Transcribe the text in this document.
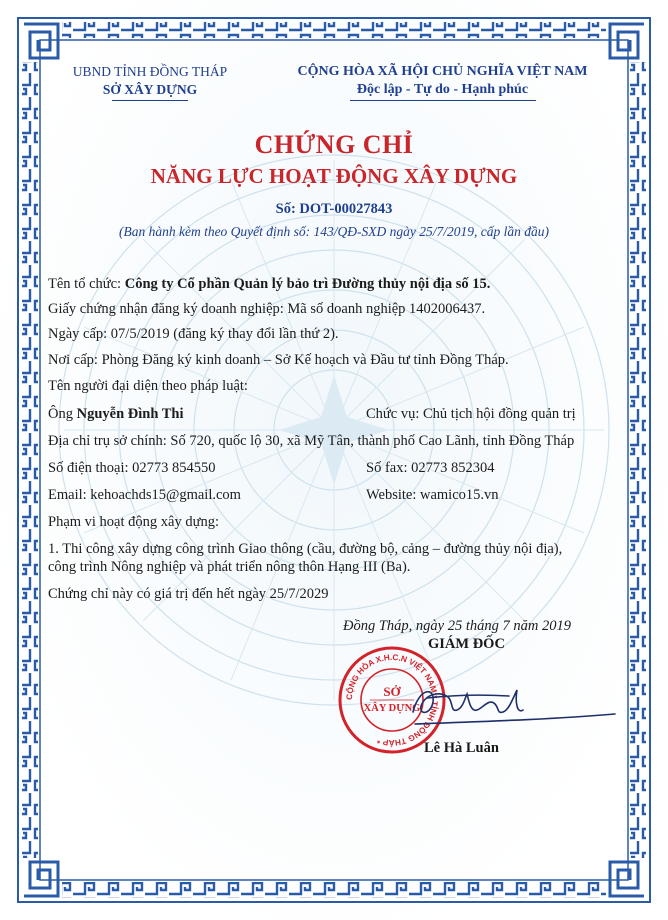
UBND TỈNH ĐỒNG THÁP
SỞ XÂY DỰNG
CỘNG HÒA XÃ HỘI CHỦ NGHĨA VIỆT NAM
Độc lập - Tự do - Hạnh phúc
CHỨNG CHỈ
NĂNG LỰC HOẠT ĐỘNG XÂY DỰNG
Số: DOT-00027843
(Ban hành kèm theo Quyết định số: 143/QĐ-SXD ngày 25/7/2019, cấp lần đầu)
Tên tổ chức: Công ty Cổ phần Quản lý bảo trì Đường thủy nội địa số 15.
Giấy chứng nhận đăng ký doanh nghiệp: Mã số doanh nghiệp 1402006437.
Ngày cấp: 07/5/2019 (đăng ký thay đổi lần thứ 2).
Nơi cấp: Phòng Đăng ký kinh doanh – Sở Kế hoạch và Đầu tư tỉnh Đồng Tháp.
Tên người đại diện theo pháp luật:
Ông Nguyễn Đình Thi	Chức vụ: Chủ tịch hội đồng quản trị
Địa chỉ trụ sở chính: Số 720, quốc lộ 30, xã Mỹ Tân, thành phố Cao Lãnh, tỉnh Đồng Tháp
Số điện thoại: 02773 854550	Số fax: 02773 852304
Email: kehoachds15@gmail.com	Website: wamico15.vn
Phạm vi hoạt động xây dựng:
1. Thi công xây dựng công trình Giao thông (cầu, đường bộ, cảng – đường thủy nội địa),
công trình Nông nghiệp và phát triển nông thôn Hạng III (Ba).
Chứng chỉ này có giá trị đến hết ngày 25/7/2029
Đồng Tháp, ngày 25 tháng 7 năm 2019
GIÁM ĐỐC
CỘNG HÒA X.H.C.N VIỆT NAM * TỈNH ĐỒNG THÁP *
SỞ
XÂY DỰNG
Lê Hà Luân
